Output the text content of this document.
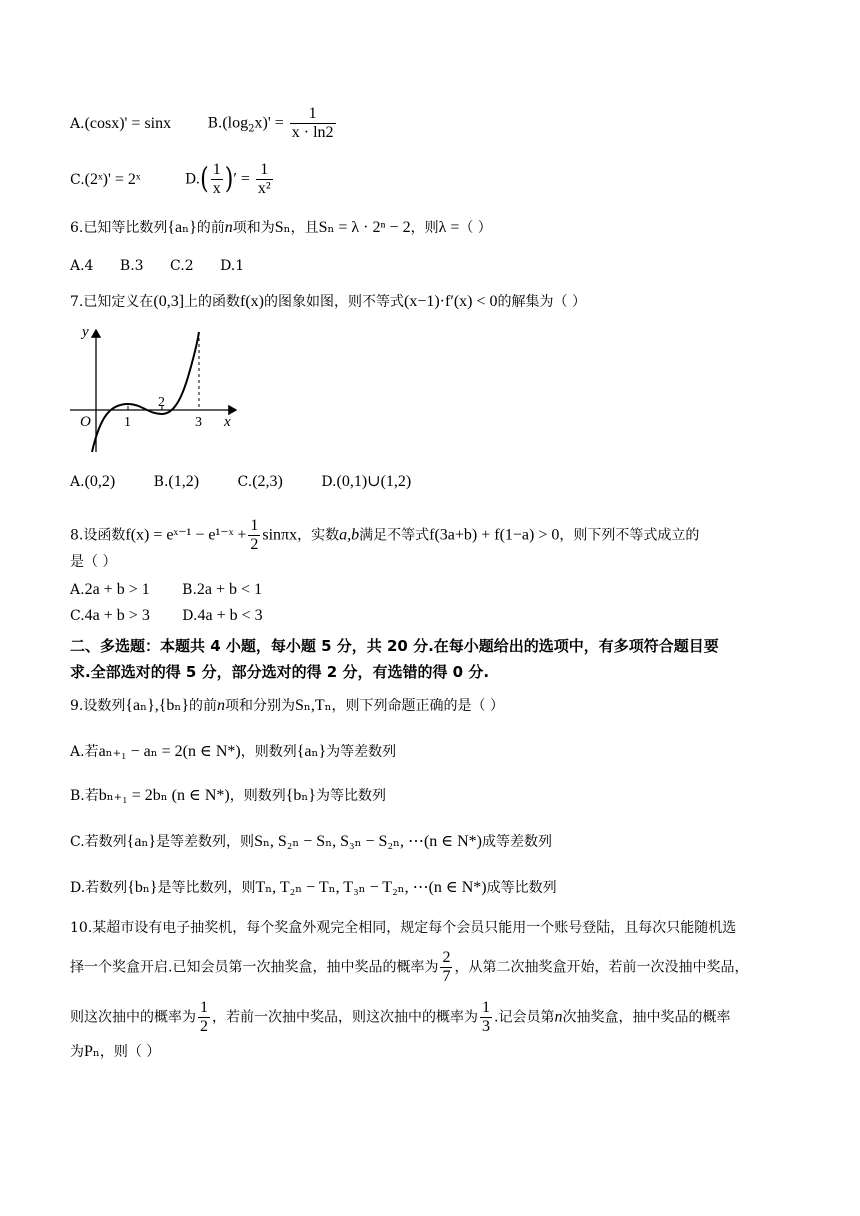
A.(cosx)' = sinx	$B.(\log_2x)' = \frac{1}{x \cdot \ln 2}$
C.(2ˣ)' = 2ˣ	$D.( \frac{1}{x}$ )′ = $\frac{1}{\text{x²}}$
6.已知等比数列{aₙ}的前n项和为Sₙ，且Sₙ = λ · 2ⁿ − 2，则λ =（ ）
A.4 B.3 C.2 D.1
7.已知定义在(0,3]上的函数f(x)的图象如图，则不等式(x−1)·f′(x) < 0的解集为（ ）
y
O	x
1
2
3
A.(0,2)	B.(1,2)	C.(2,3)	D.(0,1)∪(1,2)
8.设函数f(x) = eˣ⁻¹ − e¹⁻ˣ + $\frac{1}{2}$ sinπx，实数a,b满足不等式f(3a+b) + f(1−a) > 0，则下列不等式成立的
是（ ）
A.2a + b > 1 B.2a + b < 1
C.4a + b > 3 D.4a + b < 3
二、多选题：本题共 4 小题，每小题 5 分，共 20 分.在每小题给出的选项中，有多项符合题目要
求.全部选对的得 5 分，部分选对的得 2 分，有选错的得 0 分.
9.设数列{aₙ},{bₙ}的前n项和分别为Sₙ,Tₙ，则下列命题正确的是（ ）
A.若aₙ₊₁ − aₙ = 2(n ∈ N*)，则数列{aₙ}为等差数列
B.若bₙ₊₁ = 2bₙ (n ∈ N*)，则数列{bₙ}为等比数列
C.若数列{aₙ}是等差数列，则Sₙ, S₂ₙ − Sₙ, S₃ₙ − S₂ₙ, ⋯(n ∈ N*)成等差数列
D.若数列{bₙ}是等比数列，则Tₙ, T₂ₙ − Tₙ, T₃ₙ − T₂ₙ, ⋯(n ∈ N*)成等比数列
10.某超市设有电子抽奖机，每个奖盒外观完全相同，规定每个会员只能用一个账号登陆，且每次只能随机选
择一个奖盒开启.已知会员第一次抽奖盒，抽中奖品的概率为 $\frac{2}{7}$ ，从第二次抽奖盒开始，若前一次没抽中奖品，
则这次抽中的概率为 $\frac{1}{2}$ ，若前一次抽中奖品，则这次抽中的概率为 $\frac{1}{3}$ .记会员第n次抽奖盒，抽中奖品的概率
为Pₙ，则（ ）
